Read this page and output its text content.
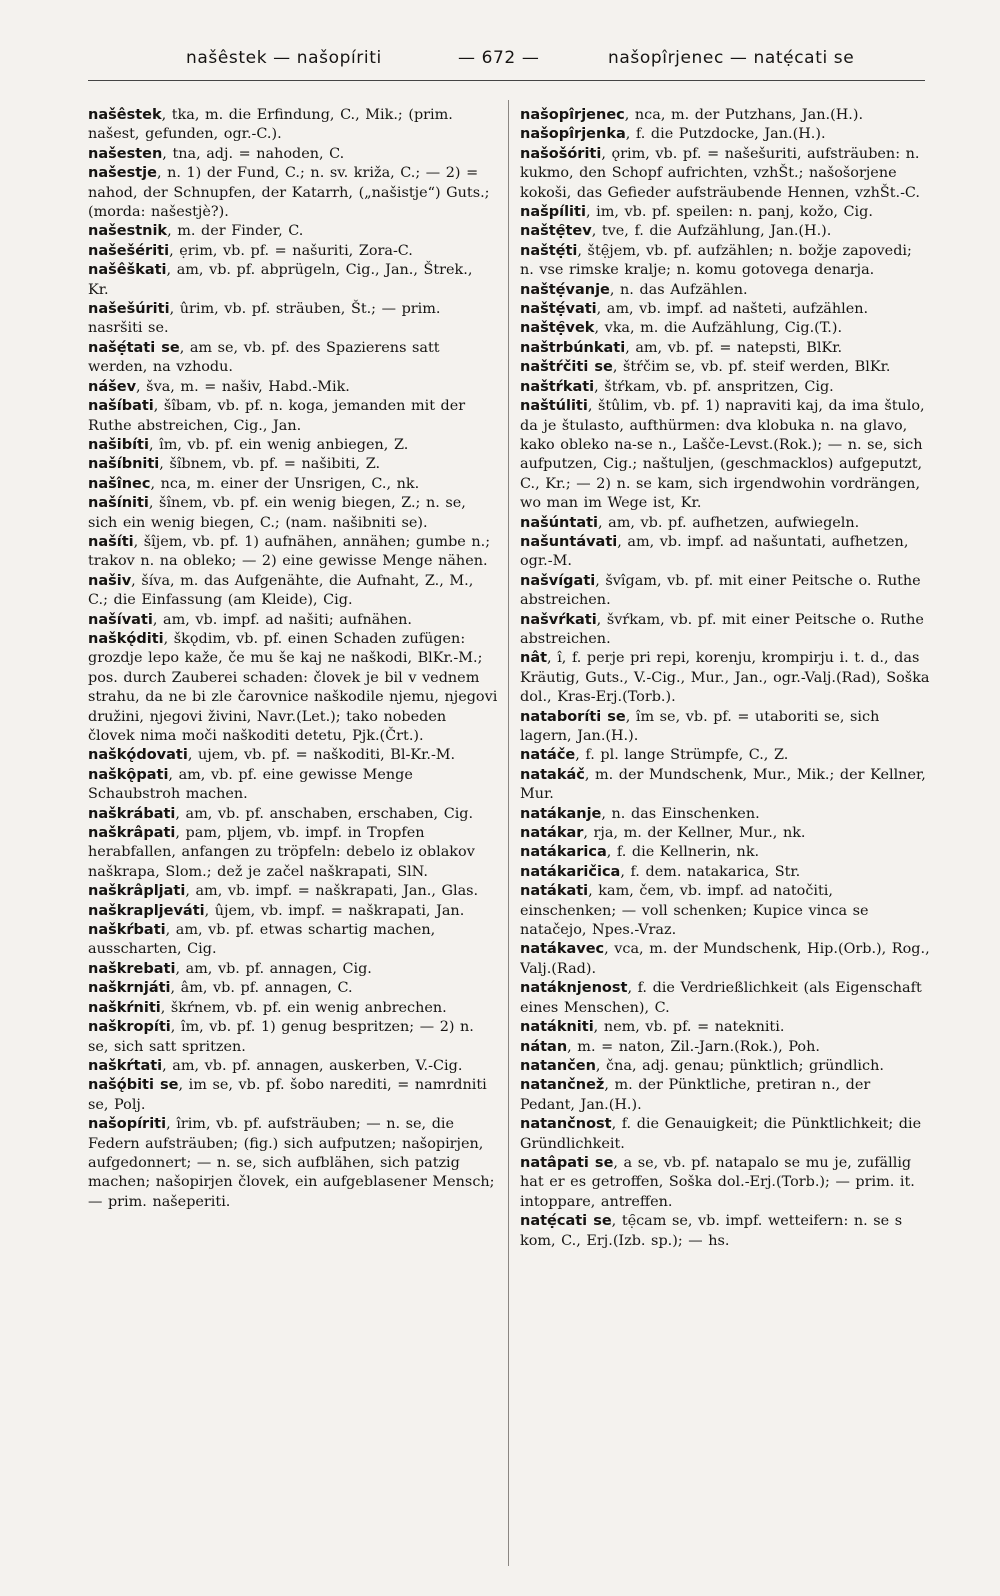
našêstek — našopíriti	— 672 —	našopîrjenec — natẹ́cati se
našêstek, tka, m. die Erfindung, C., Mik.; (prim. našest, gefunden, ogr.-C.).
našesten, tna, adj. = nahoden, C.
našestje, n. 1) der Fund, C.; n. sv. križa, C.; — 2) = nahod, der Schnupfen, der Katarrh, („našistje“) Guts.; (morda: našestjè?).
našestnik, m. der Finder, C.
našešériti, ẹrim, vb. pf. = našuriti, Zora-C.
našêškati, am, vb. pf. abprügeln, Cig., Jan., Štrek., Kr.
našešúriti, ûrim, vb. pf. sträuben, Št.; — prim. nasršiti se.
našẹ́tati se, am se, vb. pf. des Spazierens satt werden, na vzhodu.
nášev, šva, m. = našiv, Habd.-Mik.
našíbati, šîbam, vb. pf. n. koga, jemanden mit der Ruthe abstreichen, Cig., Jan.
našibíti, îm, vb. pf. ein wenig anbiegen, Z.
našíbniti, šîbnem, vb. pf. = našibiti, Z.
našînec, nca, m. einer der Unsrigen, C., nk.
našíniti, šînem, vb. pf. ein wenig biegen, Z.; n. se, sich ein wenig biegen, C.; (nam. našibniti se).
našíti, šîjem, vb. pf. 1) aufnähen, annähen; gumbe n.; trakov n. na obleko; — 2) eine gewisse Menge nähen.
našiv, šíva, m. das Aufgenähte, die Aufnaht, Z., M., C.; die Einfassung (am Kleide), Cig.
našívati, am, vb. impf. ad našiti; aufnähen.
naškǫ́diti, škǫdim, vb. pf. einen Schaden zufügen: grozdje lepo kaže, če mu še kaj ne naškodi, BlKr.-M.; pos. durch Zauberei schaden: človek je bil v vednem strahu, da ne bi zle čarovnice naškodile njemu, njegovi družini, njegovi živini, Navr.(Let.); tako nobeden človek nima moči naškoditi detetu, Pjk.(Črt.).
naškǫ́dovati, ujem, vb. pf. = naškoditi, Bl-Kr.-M.
naškǫ̑pati, am, vb. pf. eine gewisse Menge Schaubstroh machen.
naškrábati, am, vb. pf. anschaben, erschaben, Cig.
naškrâpati, pam, pljem, vb. impf. in Tropfen herabfallen, anfangen zu tröpfeln: debelo iz oblakov naškrapa, Slom.; dež je začel naškrapati, SlN.
naškrâpljati, am, vb. impf. = naškrapati, Jan., Glas.
naškrapljeváti, ûjem, vb. impf. = naškrapati, Jan.
naškŕbati, am, vb. pf. etwas schartig machen, ausscharten, Cig.
naškrebati, am, vb. pf. annagen, Cig.
naškrnjáti, âm, vb. pf. annagen, C.
naškŕniti, škŕnem, vb. pf. ein wenig anbrechen.
naškropíti, îm, vb. pf. 1) genug bespritzen; — 2) n. se, sich satt spritzen.
naškŕtati, am, vb. pf. annagen, auskerben, V.-Cig.
našǫ́biti se, im se, vb. pf. šobo narediti, = namrdniti se, Polj.
našopíriti, îrim, vb. pf. aufsträuben; — n. se, die Federn aufsträuben; (fig.) sich aufputzen; našopirjen, aufgedonnert; — n. se, sich aufblähen, sich patzig machen; našopirjen človek, ein aufgeblasener Mensch; — prim. našeperiti.
našopîrjenec, nca, m. der Putzhans, Jan.(H.).
našopîrjenka, f. die Putzdocke, Jan.(H.).
našošóriti, ǫrim, vb. pf. = našešuriti, aufsträuben: n. kukmo, den Schopf aufrichten, vzhŠt.; našošorjene kokoši, das Gefieder aufsträubende Hennen, vzhŠt.-C.
našpíliti, im, vb. pf. speilen: n. panj, kožo, Cig.
naštẹ̑tev, tve, f. die Aufzählung, Jan.(H.).
naštẹ́ti, štẹ̑jem, vb. pf. aufzählen; n. božje zapovedi; n. vse rimske kralje; n. komu gotovega denarja.
naštẹ́vanje, n. das Aufzählen.
naštẹ́vati, am, vb. impf. ad našteti, aufzählen.
naštẹ̑vek, vka, m. die Aufzählung, Cig.(T.).
naštrbúnkati, am, vb. pf. = natepsti, BlKr.
naštŕčiti se, štŕčim se, vb. pf. steif werden, BlKr.
naštŕkati, štŕkam, vb. pf. anspritzen, Cig.
naštúliti, štûlim, vb. pf. 1) napraviti kaj, da ima štulo, da je štulasto, aufthürmen: dva klobuka n. na glavo, kako obleko na-se n., Lašče-Levst.(Rok.); — n. se, sich aufputzen, Cig.; naštuljen, (geschmacklos) aufgeputzt, C., Kr.; — 2) n. se kam, sich irgendwohin vordrängen, wo man im Wege ist, Kr.
našúntati, am, vb. pf. aufhetzen, aufwiegeln.
našuntávati, am, vb. impf. ad našuntati, aufhetzen, ogr.-M.
našvígati, švîgam, vb. pf. mit einer Peitsche o. Ruthe abstreichen.
našvŕkati, švŕkam, vb. pf. mit einer Peitsche o. Ruthe abstreichen.
nât, î, f. perje pri repi, korenju, krompirju i. t. d., das Kräutig, Guts., V.-Cig., Mur., Jan., ogr.-Valj.(Rad), Soška dol., Kras-Erj.(Torb.).
nataboríti se, îm se, vb. pf. = utaboriti se, sich lagern, Jan.(H.).
natáče, f. pl. lange Strümpfe, C., Z.
natakáč, m. der Mundschenk, Mur., Mik.; der Kellner, Mur.
natákanje, n. das Einschenken.
natákar, rja, m. der Kellner, Mur., nk.
natákarica, f. die Kellnerin, nk.
natákaričica, f. dem. natakarica, Str.
natákati, kam, čem, vb. impf. ad natočiti, einschenken; — voll schenken; Kupice vinca se natačejo, Npes.-Vraz.
natákavec, vca, m. der Mundschenk, Hip.(Orb.), Rog., Valj.(Rad).
natáknjenost, f. die Verdrießlichkeit (als Eigenschaft eines Menschen), C.
natákniti, nem, vb. pf. = natekniti.
nátan, m. = naton, Zil.-Jarn.(Rok.), Poh.
natančen, čna, adj. genau; pünktlich; gründlich.
natančnež, m. der Pünktliche, pretiran n., der Pedant, Jan.(H.).
natančnost, f. die Genauigkeit; die Pünktlichkeit; die Gründlichkeit.
natâpati se, a se, vb. pf. natapalo se mu je, zufällig hat er es getroffen, Soška dol.-Erj.(Torb.); — prim. it. intoppare, antreffen.
natẹ́cati se, tẹ̑cam se, vb. impf. wetteifern: n. se s kom, C., Erj.(Izb. sp.); — hs.
